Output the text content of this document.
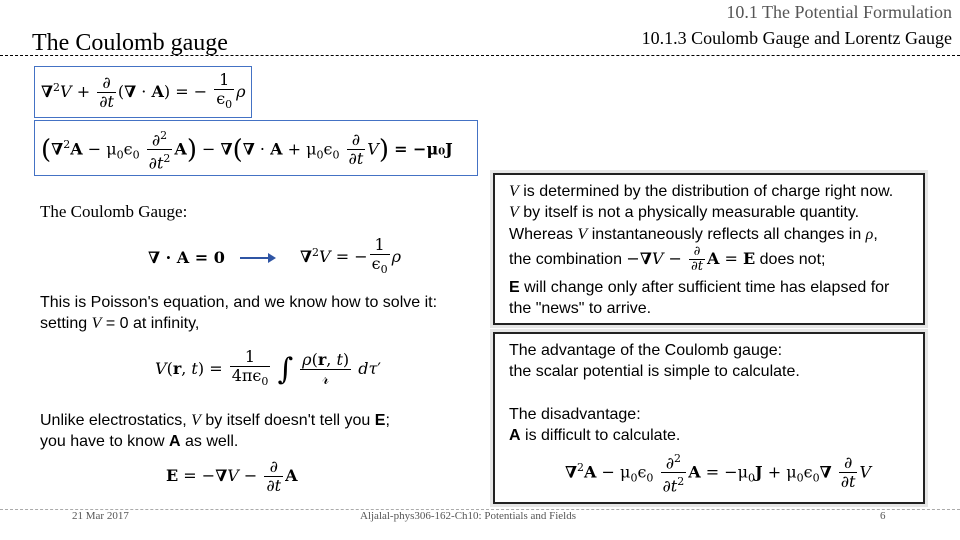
The Coulomb gauge
10.1 The Potential Formulation
10.1.3 Coulomb Gauge and Lorentz Gauge
$\nabla^2V + \frac{\partial}{\partial t}$ (∇ · A) = − $\frac{1}{\epsilon_0}$ ρ
$(\nabla^2A - \mu_0\epsilon_0 \frac{\partial^2}{\partial t^2} A)$ − ∇(∇ · $A + \mu_0\epsilon_0 \frac{\partial}{\partial t} V) = -\mu_0J$
The Coulomb Gauge:
∇ · A = 0	∇$^2$V = − $\frac{1}{\epsilon_0}$ ρ
This is Poisson's equation, and we know how to solve it:
setting V = 0 at infinity,
V(r, $t) = \frac{1}{4\pi\epsilon_0}$ ∫ $\frac{\rho(r, t)}{\text{𝓇}} d\tau'$
Unlike electrostatics, V by itself doesn't tell you E;
you have to know A as well.
$E = -\nabla V - \frac{\partial}{\partial t}$ A
V is determined by the distribution of charge right now.
V by itself is not a physically measurable quantity.
Whereas V instantaneously reflects all changes in ρ,
the combination $-\nabla V - \frac{\partial}{\partial t}$ A = E does not;
E will change only after sufficient time has elapsed for
the "news" to arrive.
The advantage of the Coulomb gauge:
the scalar potential is simple to calculate.
The disadvantage:
A is difficult to calculate.
$\nabla^2A - \mu_0\epsilon_0 \frac{\partial^2}{\partial t^2}$ $A = -\mu_0J + \mu_0\epsilon_0\nabla \frac{\partial}{\partial t}$ V
21 Mar 2017	Aljalal-phys306-162-Ch10: Potentials and Fields	6
